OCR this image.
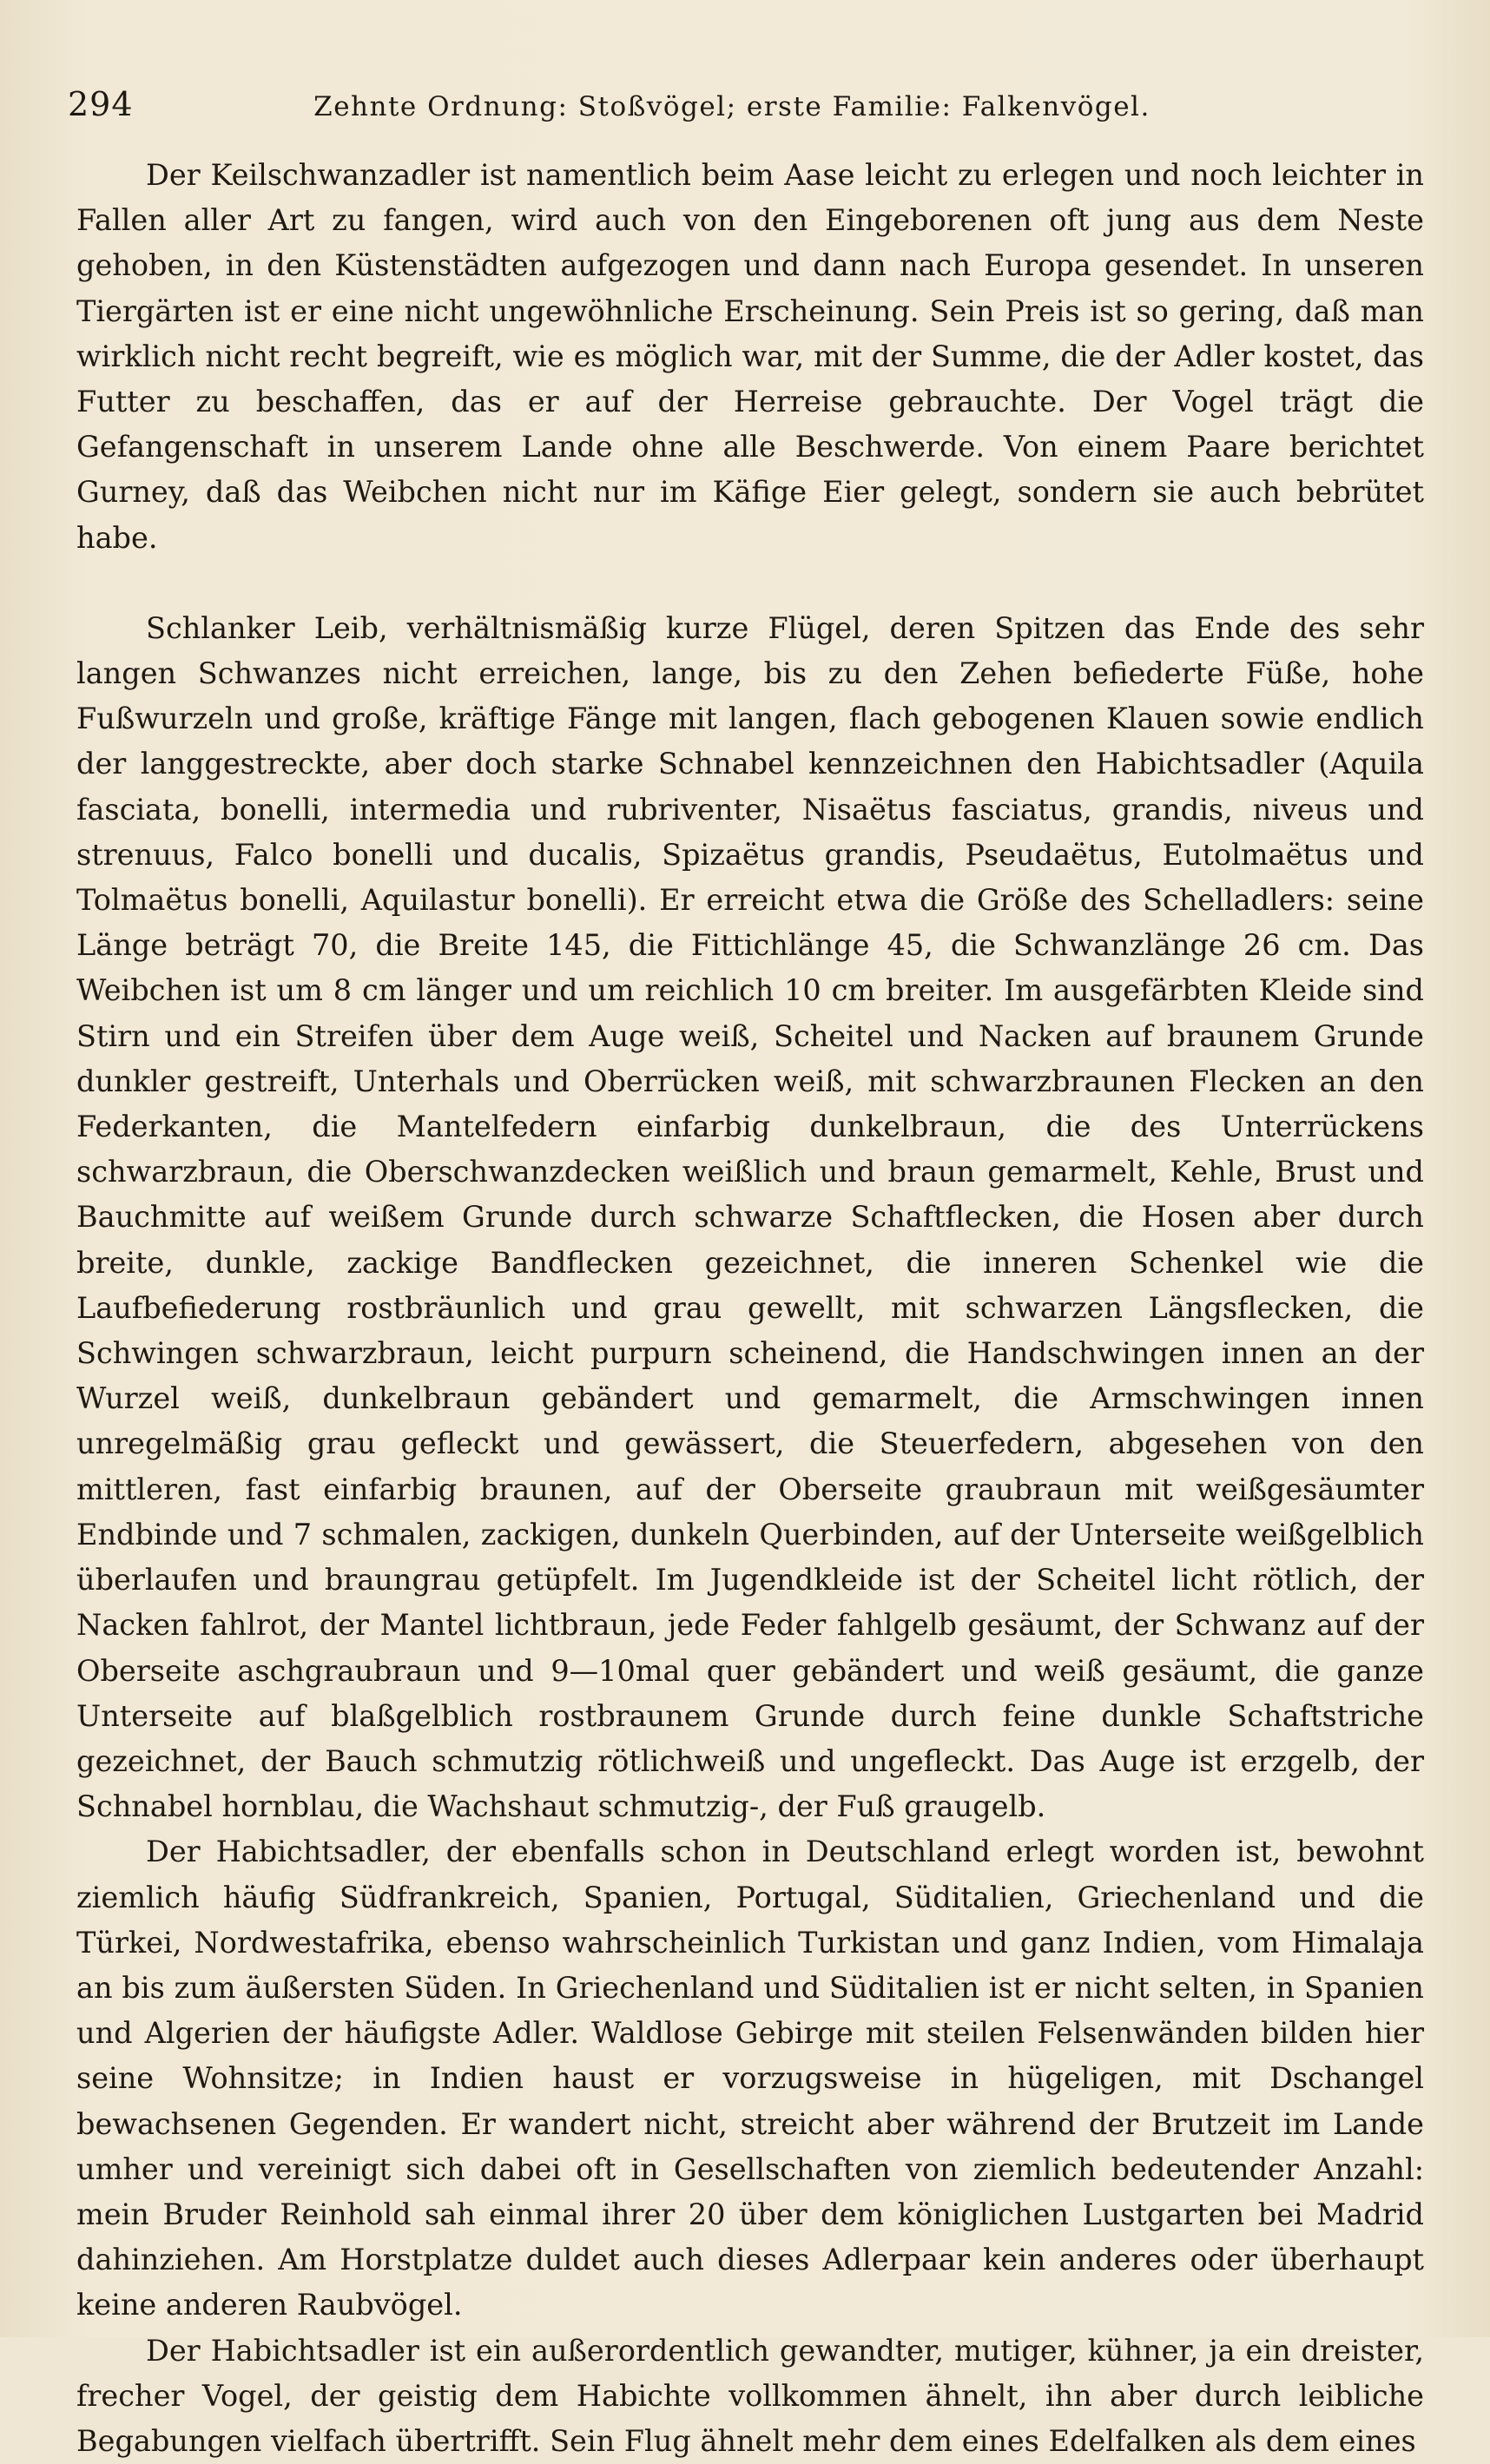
294	Zehnte Ordnung: Stoßvögel; erste Familie: Falkenvögel.

Der Keilschwanzadler ist namentlich beim Aase leicht zu erlegen und noch leichter in Fallen aller Art zu fangen, wird auch von den Eingeborenen oft jung aus dem Neste gehoben, in den Küstenstädten aufgezogen und dann nach Europa gesendet. In unseren Tiergärten ist er eine nicht ungewöhnliche Erscheinung. Sein Preis ist so gering, daß man wirklich nicht recht begreift, wie es möglich war, mit der Summe, die der Adler kostet, das Futter zu beschaffen, das er auf der Herreise gebrauchte. Der Vogel trägt die Gefangenschaft in unserem Lande ohne alle Beschwerde. Von einem Paare berichtet Gurney, daß das Weibchen nicht nur im Käfige Eier gelegt, sondern sie auch bebrütet habe.

Schlanker Leib, verhältnismäßig kurze Flügel, deren Spitzen das Ende des sehr langen Schwanzes nicht erreichen, lange, bis zu den Zehen befiederte Füße, hohe Fußwurzeln und große, kräftige Fänge mit langen, flach gebogenen Klauen sowie endlich der langgestreckte, aber doch starke Schnabel kennzeichnen den Habichtsadler (Aquila fasciata, bonelli, intermedia und rubriventer, Nisaëtus fasciatus, grandis, niveus und strenuus, Falco bonelli und ducalis, Spizaëtus grandis, Pseudaëtus, Eutolmaëtus und Tolmaëtus bonelli, Aquilastur bonelli). Er erreicht etwa die Größe des Schelladlers: seine Länge beträgt 70, die Breite 145, die Fittichlänge 45, die Schwanzlänge 26 cm. Das Weibchen ist um 8 cm länger und um reichlich 10 cm breiter. Im ausgefärbten Kleide sind Stirn und ein Streifen über dem Auge weiß, Scheitel und Nacken auf braunem Grunde dunkler gestreift, Unterhals und Oberrücken weiß, mit schwarzbraunen Flecken an den Federkanten, die Mantelfedern einfarbig dunkelbraun, die des Unterrückens schwarzbraun, die Oberschwanzdecken weißlich und braun gemarmelt, Kehle, Brust und Bauchmitte auf weißem Grunde durch schwarze Schaftflecken, die Hosen aber durch breite, dunkle, zackige Bandflecken gezeichnet, die inneren Schenkel wie die Laufbefiederung rostbräunlich und grau gewellt, mit schwarzen Längsflecken, die Schwingen schwarzbraun, leicht purpurn scheinend, die Handschwingen innen an der Wurzel weiß, dunkelbraun gebändert und gemarmelt, die Armschwingen innen unregelmäßig grau gefleckt und gewässert, die Steuerfedern, abgesehen von den mittleren, fast einfarbig braunen, auf der Oberseite graubraun mit weißgesäumter Endbinde und 7 schmalen, zackigen, dunkeln Querbinden, auf der Unterseite weißgelblich überlaufen und braungrau getüpfelt. Im Jugendkleide ist der Scheitel licht rötlich, der Nacken fahlrot, der Mantel lichtbraun, jede Feder fahlgelb gesäumt, der Schwanz auf der Oberseite aschgraubraun und 9—10mal quer gebändert und weiß gesäumt, die ganze Unterseite auf blaßgelblich rostbraunem Grunde durch feine dunkle Schaftstriche gezeichnet, der Bauch schmutzig rötlichweiß und ungefleckt. Das Auge ist erzgelb, der Schnabel hornblau, die Wachshaut schmutzig-, der Fuß graugelb.

Der Habichtsadler, der ebenfalls schon in Deutschland erlegt worden ist, bewohnt ziemlich häufig Südfrankreich, Spanien, Portugal, Süditalien, Griechenland und die Türkei, Nordwestafrika, ebenso wahrscheinlich Turkistan und ganz Indien, vom Himalaja an bis zum äußersten Süden. In Griechenland und Süditalien ist er nicht selten, in Spanien und Algerien der häufigste Adler. Waldlose Gebirge mit steilen Felsenwänden bilden hier seine Wohnsitze; in Indien haust er vorzugsweise in hügeligen, mit Dschangel bewachsenen Gegenden. Er wandert nicht, streicht aber während der Brutzeit im Lande umher und vereinigt sich dabei oft in Gesellschaften von ziemlich bedeutender Anzahl: mein Bruder Reinhold sah einmal ihrer 20 über dem königlichen Lustgarten bei Madrid dahinziehen. Am Horstplatze duldet auch dieses Adlerpaar kein anderes oder überhaupt keine anderen Raubvögel.

Der Habichtsadler ist ein außerordentlich gewandter, mutiger, kühner, ja ein dreister, frecher Vogel, der geistig dem Habichte vollkommen ähnelt, ihn aber durch leibliche Begabungen vielfach übertrifft. Sein Flug ähnelt mehr dem eines Edelfalken als dem eines
